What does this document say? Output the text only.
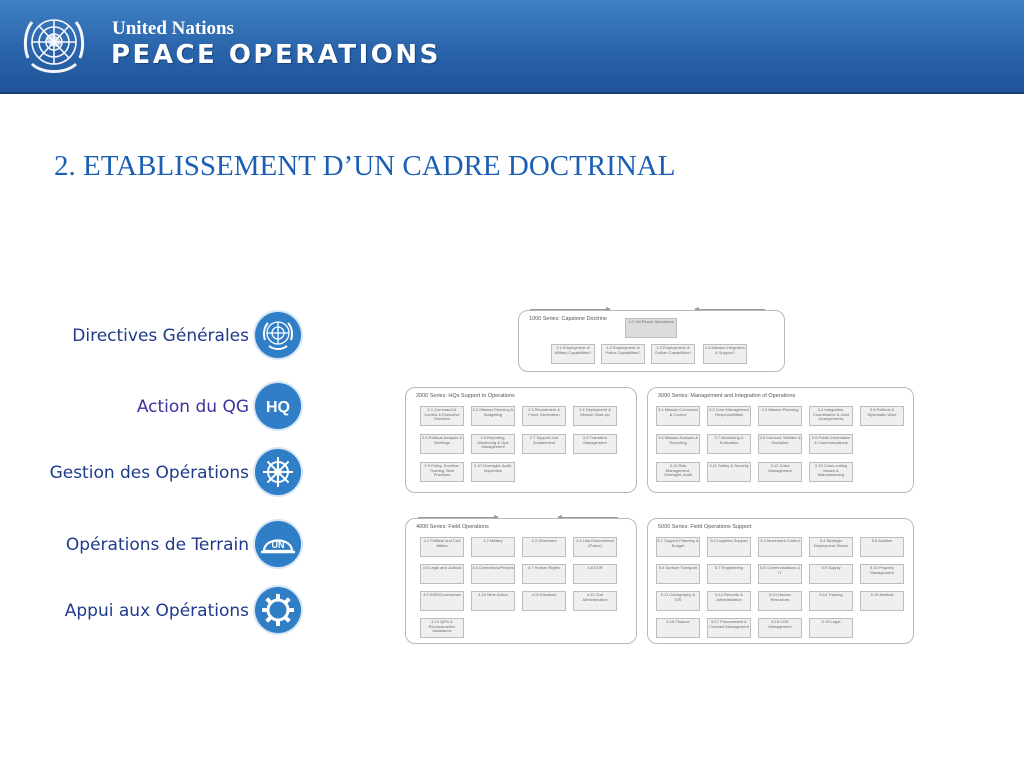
United Nations
PEACE OPERATIONS
2. ETABLISSEMENT D’UN CADRE DOCTRINAL
Directives Générales
Action du QG HQ
Gestion des Opérations
Opérations de Terrain	UN
Appui aux Opérations
1000 Series: Capstone Doctrine	1.0 UN Peace Operations
1.1 Employment of Military Capabilities?
1.2 Employment of Police Capabilities?
1.3 Employment of Civilian Capabilities?
1.4 Mission Integration & Support?
2000 Series: HQs Support to Operations
2.1 Command & Control & Executive Direction
2.2 Mission Planning & Budgeting
2.3 Recruitment & Force Generation
2.4 Deployment & Mission Start-Up
2.5 Political Analysis & Briefings
2.6 Reporting, Monitoring & Ops Management
2.7 Support and Sustainment
2.8 Transition Management
2.9 Policy, Doctrine, Training, Best Practices
2.10 Oversight, Audit, Inspection
3000 Series: Management and Integration of Operations
3.1 Mission Command & Control
3.2 Core Management Responsibilities
3.3 Mission Planning	3.4 Integration, Coordination & Joint Arrangements
3.5 Political & Diplomatic Work
3.6 Mission Analysis & Reporting
3.7 Monitoring & Evaluation
3.8 Conduct, Welfare & Discipline
3.9 Public Information & Communications
3.10 Risk Management, Oversight, Audit
3.11 Safety & Security	3.12 Crisis Management
3.13 Cross-cutting Issues & Mainstreaming
4000 Series: Field Operations
4.1 Political and Civil Affairs
4.2 Military	4.3 Observers	4.4 Law Enforcement (Police)
4.5 Legal and Judicial	4.6 Corrections/Prisons	4.7 Human Rights	4.8 DDR
4.9 SSR/Governance	4.10 Mine Action	4.11 Elections	4.12 Civil Administration
4.13 QIPs & Reconstruction Assistance
5000 Series: Field Operations Support
5.1 Support Planning & Budget
5.2 Logistics Support	5.3 Movement Control	5.4 Strategic Deployment Stocks
5.5 Aviation
5.6 Surface Transport	5.7 Engineering	5.8 Communications & IT
5.9 Supply	5.10 Property Management
5.11 Cartography & GIS
5.12 Records & Administration
5.13 Human Resources
5.14 Training	5.15 Medical
5.16 Finance	5.17 Procurement & Contract Management
5.18 COE Management
5.19 Legal
